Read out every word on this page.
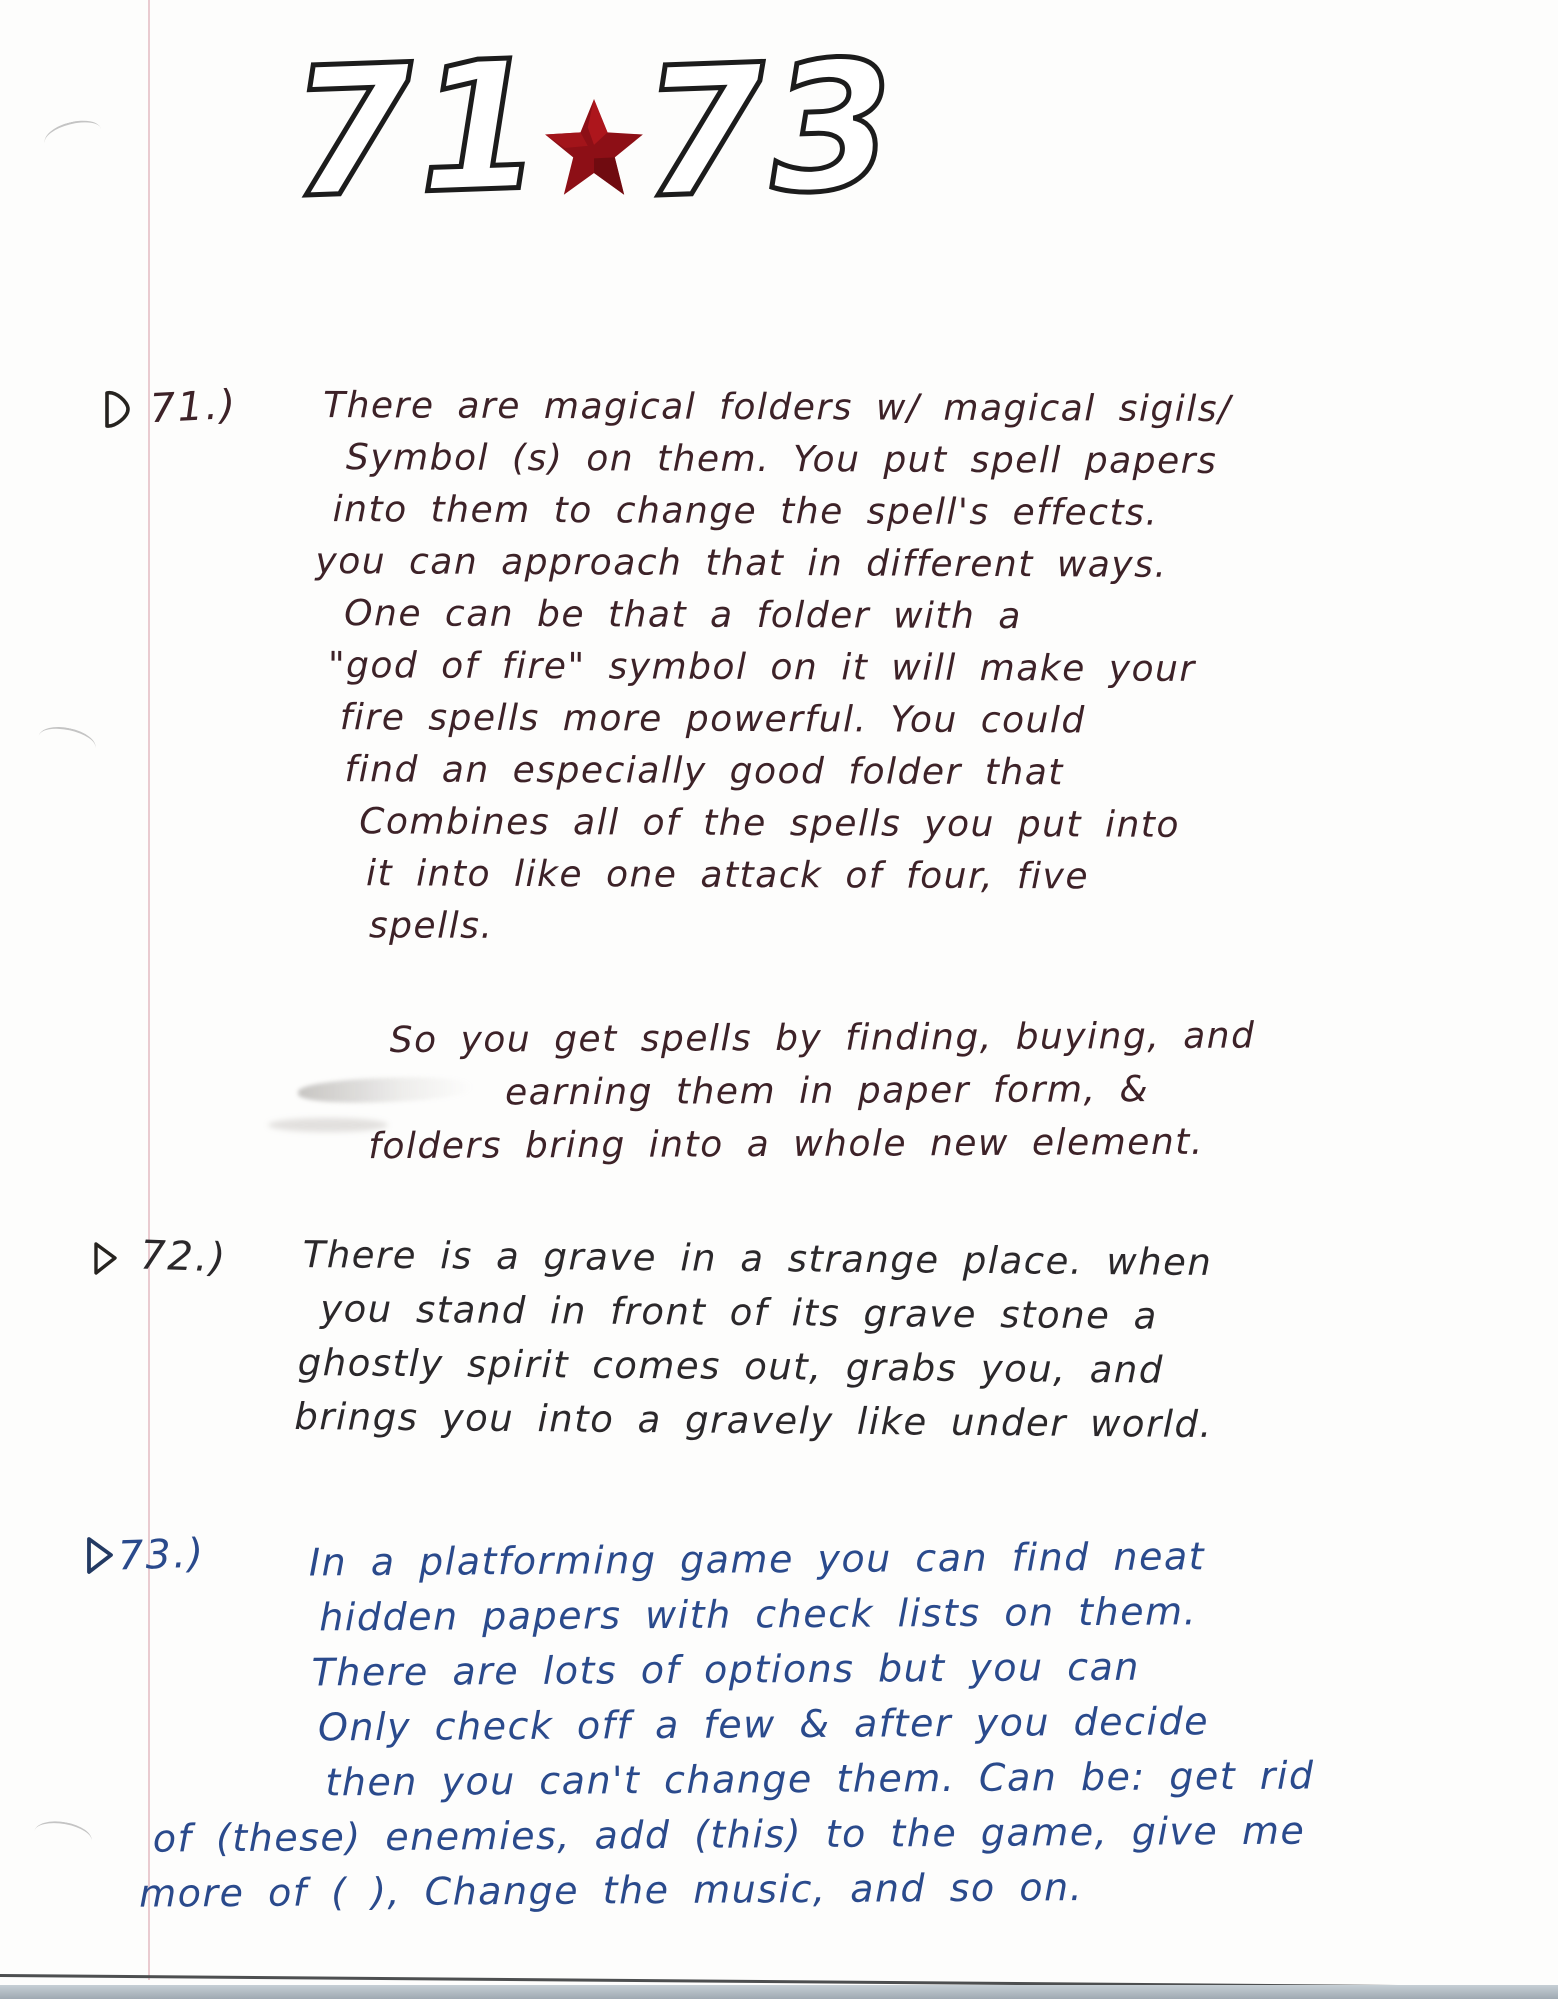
71 73
71.) There are magical folders w/ magical sigils/
Symbol (s) on them. You put spell papers
into them to change the spell's effects.
you can approach that in different ways.
One can be that a folder with a
"god of fire" symbol on it will make your
fire spells more powerful. You could
find an especially good folder that
Combines all of the spells you put into
it into like one attack of four, five
spells.
So you get spells by finding, buying, and
earning them in paper form, &
folders bring into a whole new element.
72.) There is a grave in a strange place. when
you stand in front of its grave stone a
ghostly spirit comes out, grabs you, and
brings you into a gravely like under world.
73.)	In a platforming game you can find neat
hidden papers with check lists on them.
There are lots of options but you can
Only check off a few & after you decide
then you can't change them. Can be: get rid
of (these) enemies, add (this) to the game, give me
more of ( ), Change the music, and so on.
